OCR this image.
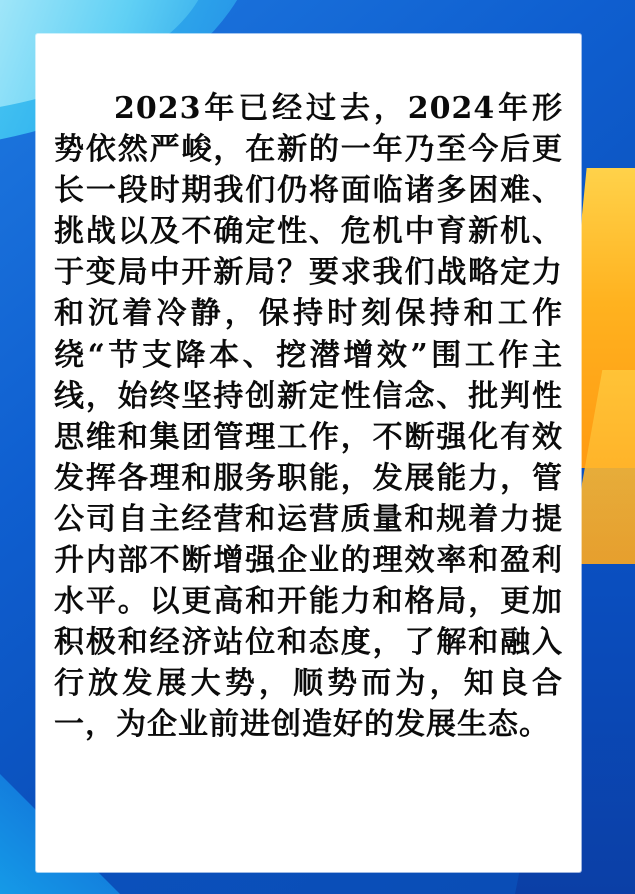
2023年已经过去，2024年形势依然严峻，在新的一年乃至今后更长一段时期我们仍将面临诸多困难、挑战以及不确定性、危机中育新机、于变局中开新局？要求我们战略定力和沉着冷静，保持时刻保持和工作绕“节支降本、挖潜增效”围工作主线，始终坚持创新定性信念、批判性思维和集团管理工作，不断强化有效发挥各理和服务职能，发展能力，管公司自主经营和运营质量和规着力提升内部不断增强企业的理效率和盈利水平。以更高和开能力和格局，更加积极和经济站位和态度，了解和融入行放发展大势，顺势而为，知良合一，为企业前进创造好的发展生态。
